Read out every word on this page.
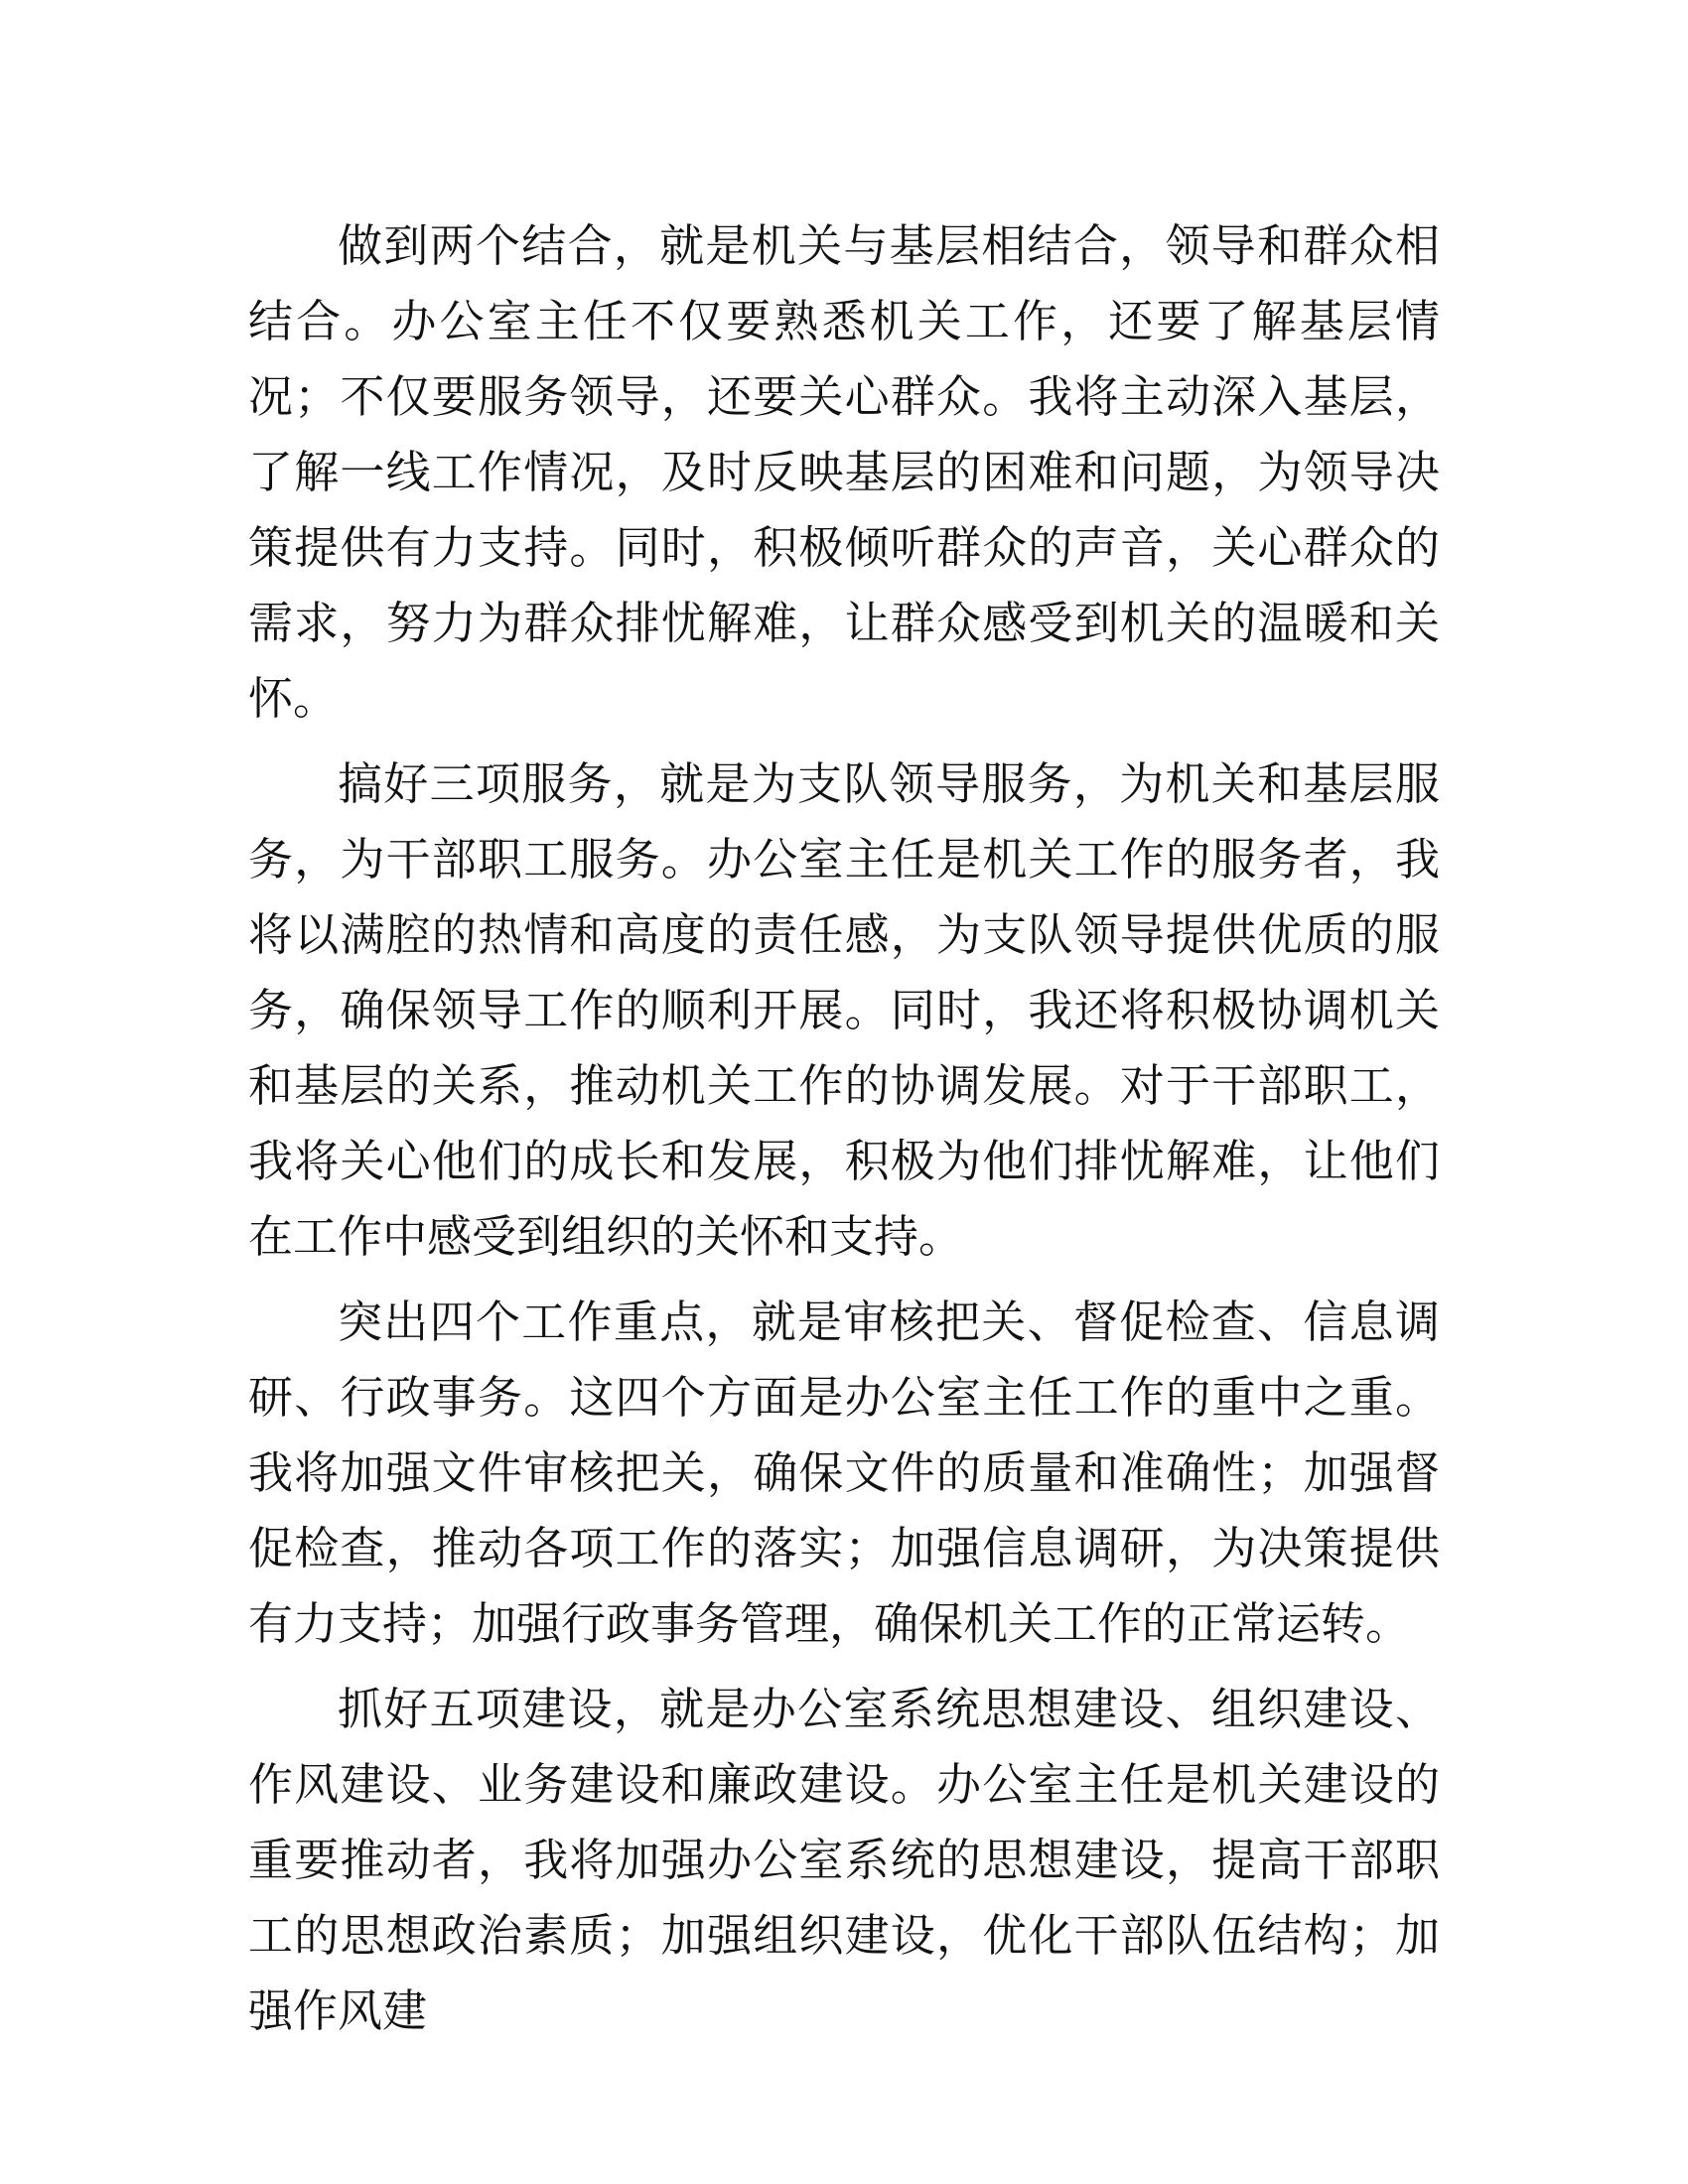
做到两个结合，就是机关与基层相结合，领导和群众相结合。办公室主任不仅要熟悉机关工作，还要了解基层情况；不仅要服务领导，还要关心群众。我将主动深入基层，了解一线工作情况，及时反映基层的困难和问题，为领导决策提供有力支持。同时，积极倾听群众的声音，关心群众的需求，努力为群众排忧解难，让群众感受到机关的温暖和关怀。

搞好三项服务，就是为支队领导服务，为机关和基层服务，为干部职工服务。办公室主任是机关工作的服务者，我将以满腔的热情和高度的责任感，为支队领导提供优质的服务，确保领导工作的顺利开展。同时，我还将积极协调机关和基层的关系，推动机关工作的协调发展。对于干部职工，我将关心他们的成长和发展，积极为他们排忧解难，让他们在工作中感受到组织的关怀和支持。

突出四个工作重点，就是审核把关、督促检查、信息调研、行政事务。这四个方面是办公室主任工作的重中之重。我将加强文件审核把关，确保文件的质量和准确性；加强督促检查，推动各项工作的落实；加强信息调研，为决策提供有力支持；加强行政事务管理，确保机关工作的正常运转。

抓好五项建设，就是办公室系统思想建设、组织建设、作风建设、业务建设和廉政建设。办公室主任是机关建设的重要推动者，我将加强办公室系统的思想建设，提高干部职工的思想政治素质；加强组织建设，优化干部队伍结构；加强作风建
